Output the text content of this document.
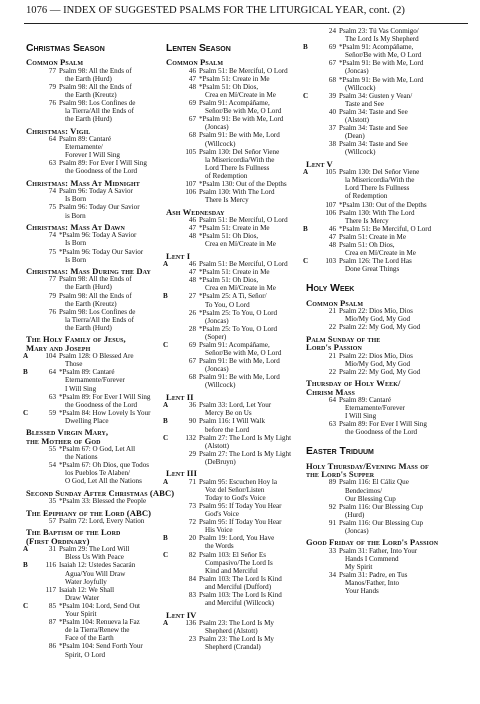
1076 — INDEX OF SUGGESTED PSALMS FOR THE LITURGICAL YEAR, cont. (2)
Christmas Season
Common Psalm
77 Psalm 98: All the Ends of
the Earth (Hurd)
79 Psalm 98: All the Ends of
the Earth (Kreutz)
76 Psalm 98: Los Confines de
la Tierra/All the Ends of
the Earth (Hurd)
Christmas: Vigil
64 Psalm 89: Cantaré
Eternamente/
Forever I Will Sing
63 Psalm 89: For Ever I Will Sing
the Goodness of the Lord
Christmas: Mass At Midnight
74 Psalm 96: Today A Savior
Is Born
75 Psalm 96: Today Our Savior
is Born
Christmas: Mass At Dawn
74 *Psalm 96: Today A Savior
Is Born
75 *Psalm 96: Today Our Savior
Is Born
Christmas: Mass During the Day
77 Psalm 98: All the Ends of
the Earth (Hurd)
79 Psalm 98: All the Ends of
the Earth (Kreutz)
76 Psalm 98: Los Confines de
la Tierra/All the Ends of
the Earth (Hurd)
The Holy Family of Jesus,
Mary and Joseph
A	104 Psalm 128: O Blessed Are
Those
B	64 *Psalm 89: Cantaré
Eternamente/Forever
I Will Sing
63 *Psalm 89: For Ever I Will Sing
the Goodness of the Lord
C	59 *Psalm 84: How Lovely Is Your
Dwelling Place
Blessed Virgin Mary,
the Mother of God
55 *Psalm 67: O God, Let All
the Nations
54 *Psalm 67: Oh Dios, que Todos
los Pueblos Te Alaben/
O God, Let All the Nations
Second Sunday After Christmas (ABC)
35 *Psalm 33: Blessed the People
The Epiphany of the Lord (ABC)
57 Psalm 72: Lord, Every Nation
The Baptism of the Lord
(First Ordinary)
A	31 Psalm 29: The Lord Will
Bless Us With Peace
B	116 Isaiah 12: Ustedes Sacarán
Agua/You Will Draw
Water Joyfully
117 Isaiah 12: We Shall
Draw Water
C	85 *Psalm 104: Lord, Send Out
Your Spirit
87 *Psalm 104: Renueva la Faz
de la Tierra/Renew the
Face of the Earth
86 *Psalm 104: Send Forth Your
Spirit, O Lord
Lenten Season
Common Psalm
46 Psalm 51: Be Merciful, O Lord
47 *Psalm 51: Create in Me
48 *Psalm 51: Oh Dios,
Crea en Mí/Create in Me
69 Psalm 91: Acompáñame,
Señor/Be with Me, O Lord
67 *Psalm 91: Be with Me, Lord
(Joncas)
68 Psalm 91: Be with Me, Lord
(Willcock)
105 Psalm 130: Del Señor Viene
la Misericordia/With the
Lord There Is Fullness
of Redemption
107 *Psalm 130: Out of the Depths
106 Psalm 130: With The Lord
There Is Mercy
Ash Wednesday
46 Psalm 51: Be Merciful, O Lord
47 *Psalm 51: Create in Me
48 *Psalm 51: Oh Dios,
Crea en Mí/Create in Me
Lent I
A	46 Psalm 51: Be Merciful, O Lord
47 *Psalm 51: Create in Me
48 *Psalm 51: Oh Dios,
Crea en Mí/Create in Me
B	27 *Psalm 25: A Ti, Señor/
To You, O Lord
26 *Psalm 25: To You, O Lord
(Joncas)
28 *Psalm 25: To You, O Lord
(Soper)
C	69 Psalm 91: Acompáñame,
Señor/Be with Me, O Lord
67 Psalm 91: Be with Me, Lord
(Joncas)
68 Psalm 91: Be with Me, Lord
(Willcock)
Lent II
A	36 Psalm 33: Lord, Let Your
Mercy Be on Us
B	90 Psalm 116: I Will Walk
before the Lord
C	132 Psalm 27: The Lord Is My Light
(Alstott)
29 Psalm 27: The Lord Is My Light
(DeBruyn)
Lent III
A	71 Psalm 95: Escuchen Hoy la
Voz del Señor/Listen
Today to God's Voice
73 Psalm 95: If Today You Hear
God's Voice
72 Psalm 95: If Today You Hear
His Voice
B	20 Psalm 19: Lord, You Have
the Words
C	82 Psalm 103: El Señor Es
Compasivo/The Lord Is
Kind and Merciful
84 Psalm 103: The Lord Is Kind
and Merciful (Dufford)
83 Psalm 103: The Lord Is Kind
and Merciful (Willcock)
Lent IV
A	136 Psalm 23: The Lord Is My
Shepherd (Alstott)
23 Psalm 23: The Lord Is My
Shepherd (Crandal)
24 Psalm 23: Tú Vas Conmigo/
The Lord Is My Shepherd
B	69 *Psalm 91: Acompáñame,
Señor/Be with Me, O Lord
67 *Psalm 91: Be with Me, Lord
(Joncas)
68 *Psalm 91: Be with Me, Lord
(Willcock)
C	39 Psalm 34: Gusten y Vean/
Taste and See
40 Psalm 34: Taste and See
(Alstott)
37 Psalm 34: Taste and See
(Dean)
38 Psalm 34: Taste and See
(Willcock)
Lent V
A	105 Psalm 130: Del Señor Viene
la Misericordia/With the
Lord There Is Fullness
of Redemption
107 *Psalm 130: Out of the Depths
106 Psalm 130: With The Lord
There Is Mercy
B	46 *Psalm 51: Be Merciful, O Lord
47 Psalm 51: Create in Me
48 Psalm 51: Oh Dios,
Crea en Mí/Create in Me
C	103 Psalm 126: The Lord Has
Done Great Things
Holy Week
Common Psalm
21 Psalm 22: Dios Mío, Dios
Mío/My God, My God
22 Psalm 22: My God, My God
Palm Sunday of the
Lord's Passion
21 Psalm 22: Dios Mío, Dios
Mío/My God, My God
22 Psalm 22: My God, My God
Thursday of Holy Week/
Chrism Mass
64 Psalm 89: Cantaré
Eternamente/Forever
I Will Sing
63 Psalm 89: For Ever I Will Sing
the Goodness of the Lord
Easter Triduum
Holy Thursday/Evening Mass of
the Lord's Supper
89 Psalm 116: El Cáliz Que
Bendecimos/
Our Blessing Cup
92 Psalm 116: Our Blessing Cup
(Hurd)
91 Psalm 116: Our Blessing Cup
(Joncas)
Good Friday of the Lord's Passion
33 Psalm 31: Father, Into Your
Hands I Commend
My Spirit
34 Psalm 31: Padre, en Tus
Manos/Father, Into
Your Hands
